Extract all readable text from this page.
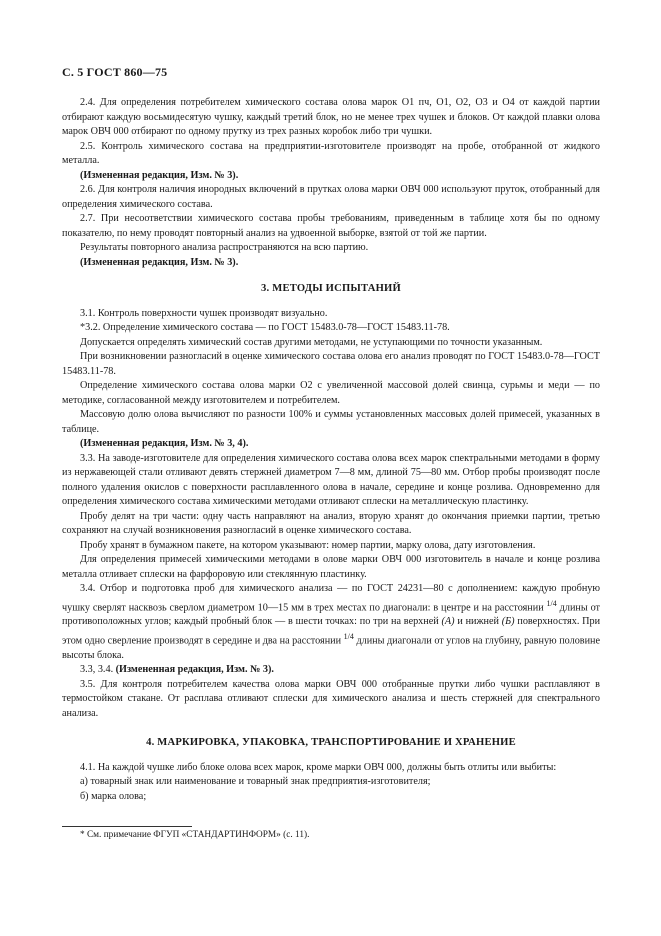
С. 5 ГОСТ 860—75

2.4. Для определения потребителем химического состава олова марок О1 пч, О1, О2, О3 и О4 от каждой партии отбирают каждую восьмидесятую чушку, каждый третий блок, но не менее трех чушек и блоков. От каждой плавки олова марок ОВЧ 000 отбирают по одному прутку из трех разных коробок либо три чушки.

2.5. Контроль химического состава на предприятии-изготовителе производят на пробе, отобранной от жидкого металла.

(Измененная редакция, Изм. № 3).

2.6. Для контроля наличия инородных включений в прутках олова марки ОВЧ 000 используют пруток, отобранный для определения химического состава.

2.7. При несоответствии химического состава пробы требованиям, приведенным в таблице хотя бы по одному показателю, по нему проводят повторный анализ на удвоенной выборке, взятой от той же партии.

Результаты повторного анализа распространяются на всю партию.

(Измененная редакция, Изм. № 3).

3. МЕТОДЫ ИСПЫТАНИЙ

3.1. Контроль поверхности чушек производят визуально.

*3.2. Определение химического состава — по ГОСТ 15483.0-78—ГОСТ 15483.11-78.

Допускается определять химический состав другими методами, не уступающими по точности указанным.

При возникновении разногласий в оценке химического состава олова его анализ проводят по ГОСТ 15483.0-78—ГОСТ 15483.11-78.

Определение химического состава олова марки О2 с увеличенной массовой долей свинца, сурьмы и меди — по методике, согласованной между изготовителем и потребителем.

Массовую долю олова вычисляют по разности 100% и суммы установленных массовых долей примесей, указанных в таблице.

(Измененная редакция, Изм. № 3, 4).

3.3. На заводе-изготовителе для определения химического состава олова всех марок спектральными методами в форму из нержавеющей стали отливают девять стержней диаметром 7—8 мм, длиной 75—80 мм. Отбор пробы производят после полного удаления окислов с поверхности расплавленного олова в начале, середине и конце розлива. Одновременно для определения химического состава химическими методами отливают сплески на металлическую пластинку.

Пробу делят на три части: одну часть направляют на анализ, вторую хранят до окончания приемки партии, третью сохраняют на случай возникновения разногласий в оценке химического состава.

Пробу хранят в бумажном пакете, на котором указывают: номер партии, марку олова, дату изготовления.

Для определения примесей химическими методами в олове марки ОВЧ 000 изготовитель в начале и конце розлива металла отливает сплески на фарфоровую или стеклянную пластинку.

3.4. Отбор и подготовка проб для химического анализа — по ГОСТ 24231—80 с дополнением: каждую пробную чушку сверлят насквозь сверлом диаметром 10—15 мм в трех местах по диагонали: в центре и на расстоянии $^{1/4}$ длины от противоположных углов; каждый пробный блок — в шести точках: по три на верхней (А) и нижней (Б) поверхностях. При этом одно сверление производят в середине и два на расстоянии $^{1/4}$ длины диагонали от углов на глубину, равную половине высоты блока.

3.3, 3.4. (Измененная редакция, Изм. № 3).

3.5. Для контроля потребителем качества олова марки ОВЧ 000 отобранные прутки либо чушки расплавляют в термостойком стакане. От расплава отливают сплески для химического анализа и шесть стержней для спектрального анализа.

4. МАРКИРОВКА, УПАКОВКА, ТРАНСПОРТИРОВАНИЕ И ХРАНЕНИЕ

4.1. На каждой чушке либо блоке олова всех марок, кроме марки ОВЧ 000, должны быть отлиты или выбиты:

а) товарный знак или наименование и товарный знак предприятия-изготовителя;

б) марка олова;

* См. примечание ФГУП «СТАНДАРТИНФОРМ» (с. 11).
